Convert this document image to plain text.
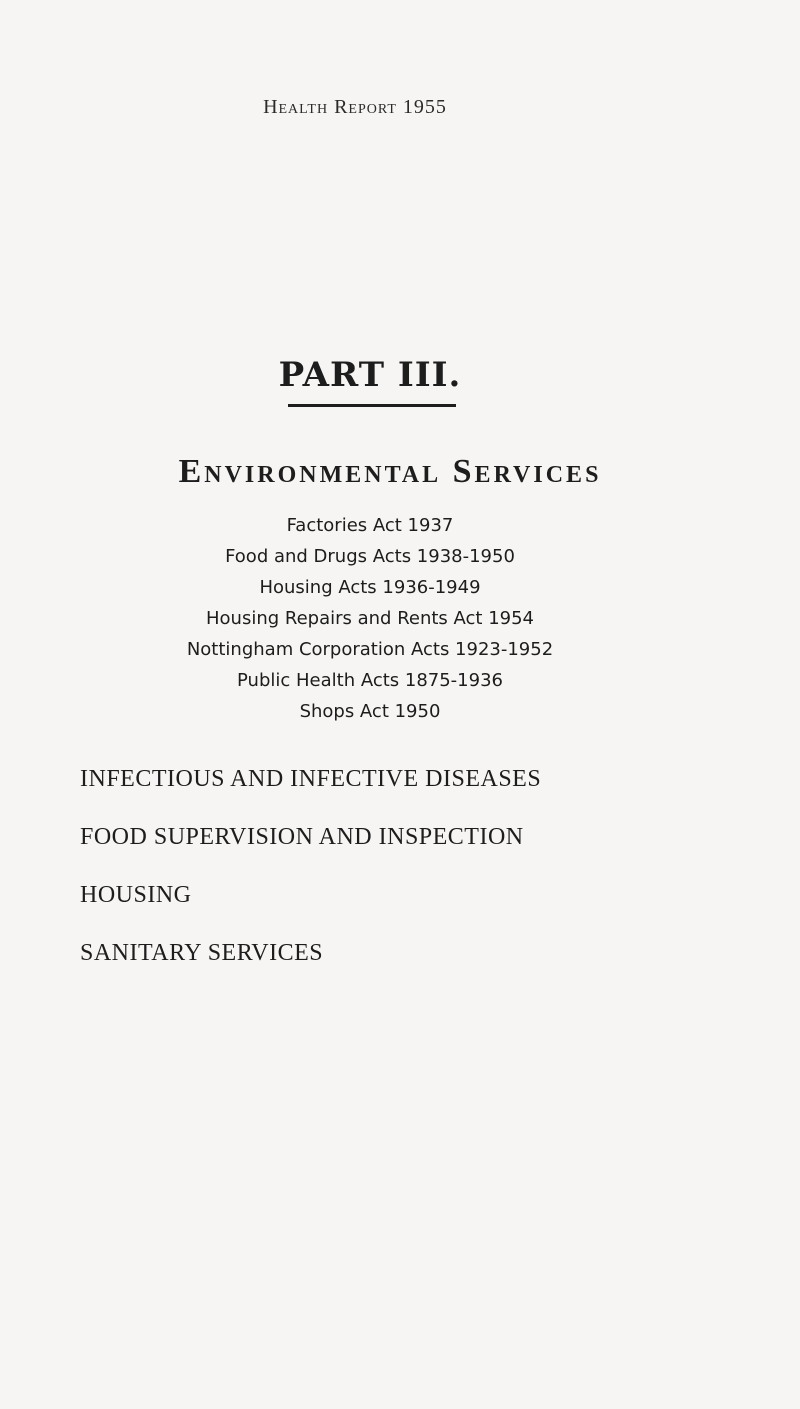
Health Report 1955
PART III.
Environmental Services
Factories Act 1937
Food and Drugs Acts 1938-1950
Housing Acts 1936-1949
Housing Repairs and Rents Act 1954
Nottingham Corporation Acts 1923-1952
Public Health Acts 1875-1936
Shops Act 1950
INFECTIOUS AND INFECTIVE DISEASES
FOOD SUPERVISION AND INSPECTION
HOUSING
SANITARY SERVICES
